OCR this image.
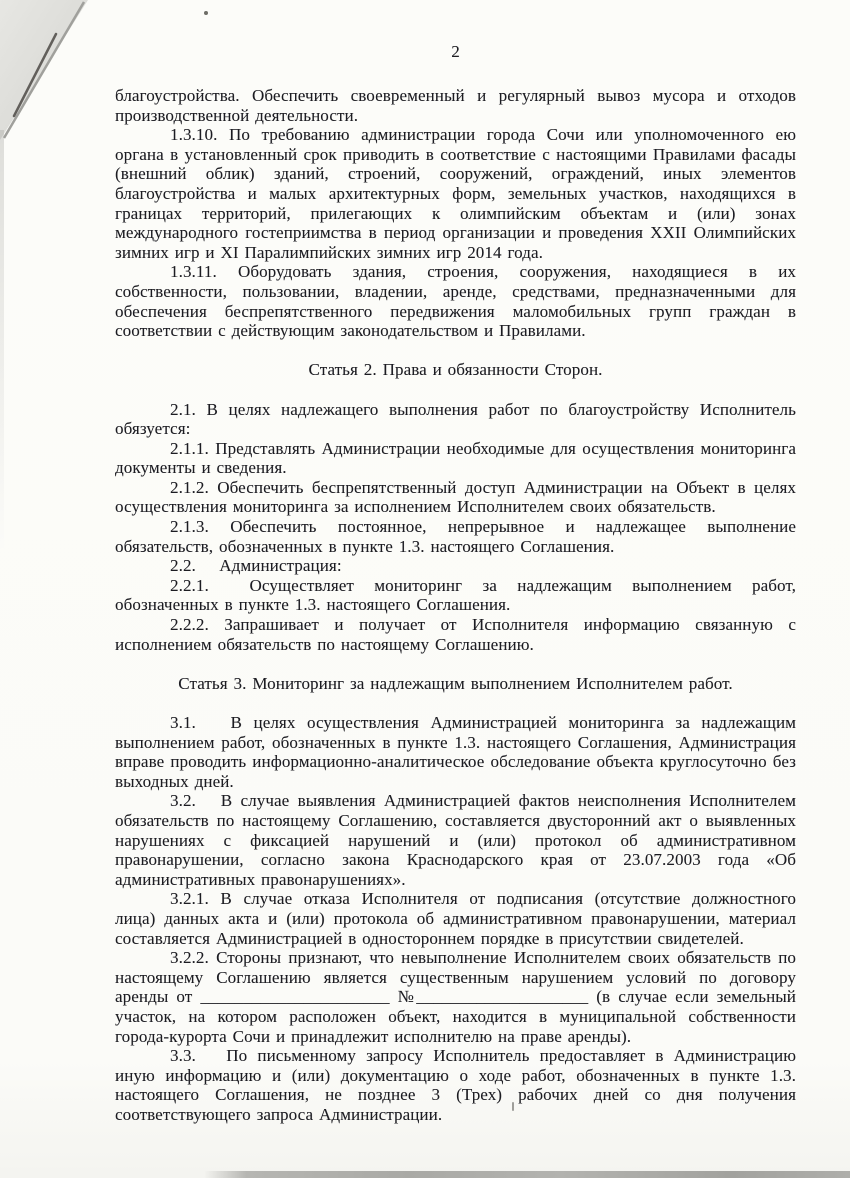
2
благоустройства. Обеспечить своевременный и регулярный вывоз мусора и отходов производственной деятельности.
1.3.10. По требованию администрации города Сочи или уполномоченного ею органа в установленный срок приводить в соответствие с настоящими Правилами фасады (внешний облик) зданий, строений, сооружений, ограждений, иных элементов благоустройства и малых архитектурных форм, земельных участков, находящихся в границах территорий, прилегающих к олимпийским объектам и (или) зонах международного гостеприимства в период организации и проведения XXII Олимпийских зимних игр и XI Паралимпийских зимних игр 2014 года.
1.3.11. Оборудовать здания, строения, сооружения, находящиеся в их собственности, пользовании, владении, аренде, средствами, предназначенными для обеспечения беспрепятственного передвижения маломобильных групп граждан в соответствии с действующим законодательством и Правилами.
Статья 2. Права и обязанности Сторон.
2.1. В целях надлежащего выполнения работ по благоустройству Исполнитель обязуется:
2.1.1. Представлять Администрации необходимые для осуществления мониторинга документы и сведения.
2.1.2. Обеспечить беспрепятственный доступ Администрации на Объект в целях осуществления мониторинга за исполнением Исполнителем своих обязательств.
2.1.3. Обеспечить постоянное, непрерывное и надлежащее выполнение обязательств, обозначенных в пункте 1.3. настоящего Соглашения.
2.2.    Администрация:
2.2.1.  Осуществляет мониторинг за надлежащим выполнением работ, обозначенных в пункте 1.3. настоящего Соглашения.
2.2.2. Запрашивает и получает от Исполнителя информацию связанную с исполнением обязательств по настоящему Соглашению.
Статья 3. Мониторинг за надлежащим выполнением Исполнителем работ.
3.1.   В целях осуществления Администрацией мониторинга за надлежащим выполнением работ, обозначенных в пункте 1.3. настоящего Соглашения, Администрация вправе проводить информационно-аналитическое обследование объекта круглосуточно без выходных дней.
3.2.   В случае выявления Администрацией фактов неисполнения Исполнителем обязательств по настоящему Соглашению, составляется двусторонний акт о выявленных нарушениях с фиксацией нарушений и (или) протокол об административном правонарушении, согласно закона Краснодарского края от 23.07.2003 года «Об административных правонарушениях».
3.2.1. В случае отказа Исполнителя от подписания (отсутствие должностного лица) данных акта и (или) протокола об административном правонарушении, материал составляется Администрацией в одностороннем порядке в присутствии свидетелей.
3.2.2. Стороны признают, что невыполнение Исполнителем своих обязательств по настоящему Соглашению является существенным нарушением условий по договору аренды от ______________________ №____________________ (в случае если земельный участок, на котором расположен объект, находится в муниципальной собственности города-курорта Сочи и принадлежит исполнителю на праве аренды).
3.3.   По письменному запросу Исполнитель предоставляет в Администрацию иную информацию и (или) документацию о ходе работ, обозначенных в пункте 1.3. настоящего Соглашения, не позднее 3 (Трех) рабочих дней со дня получения соответствующего запроса Администрации.
